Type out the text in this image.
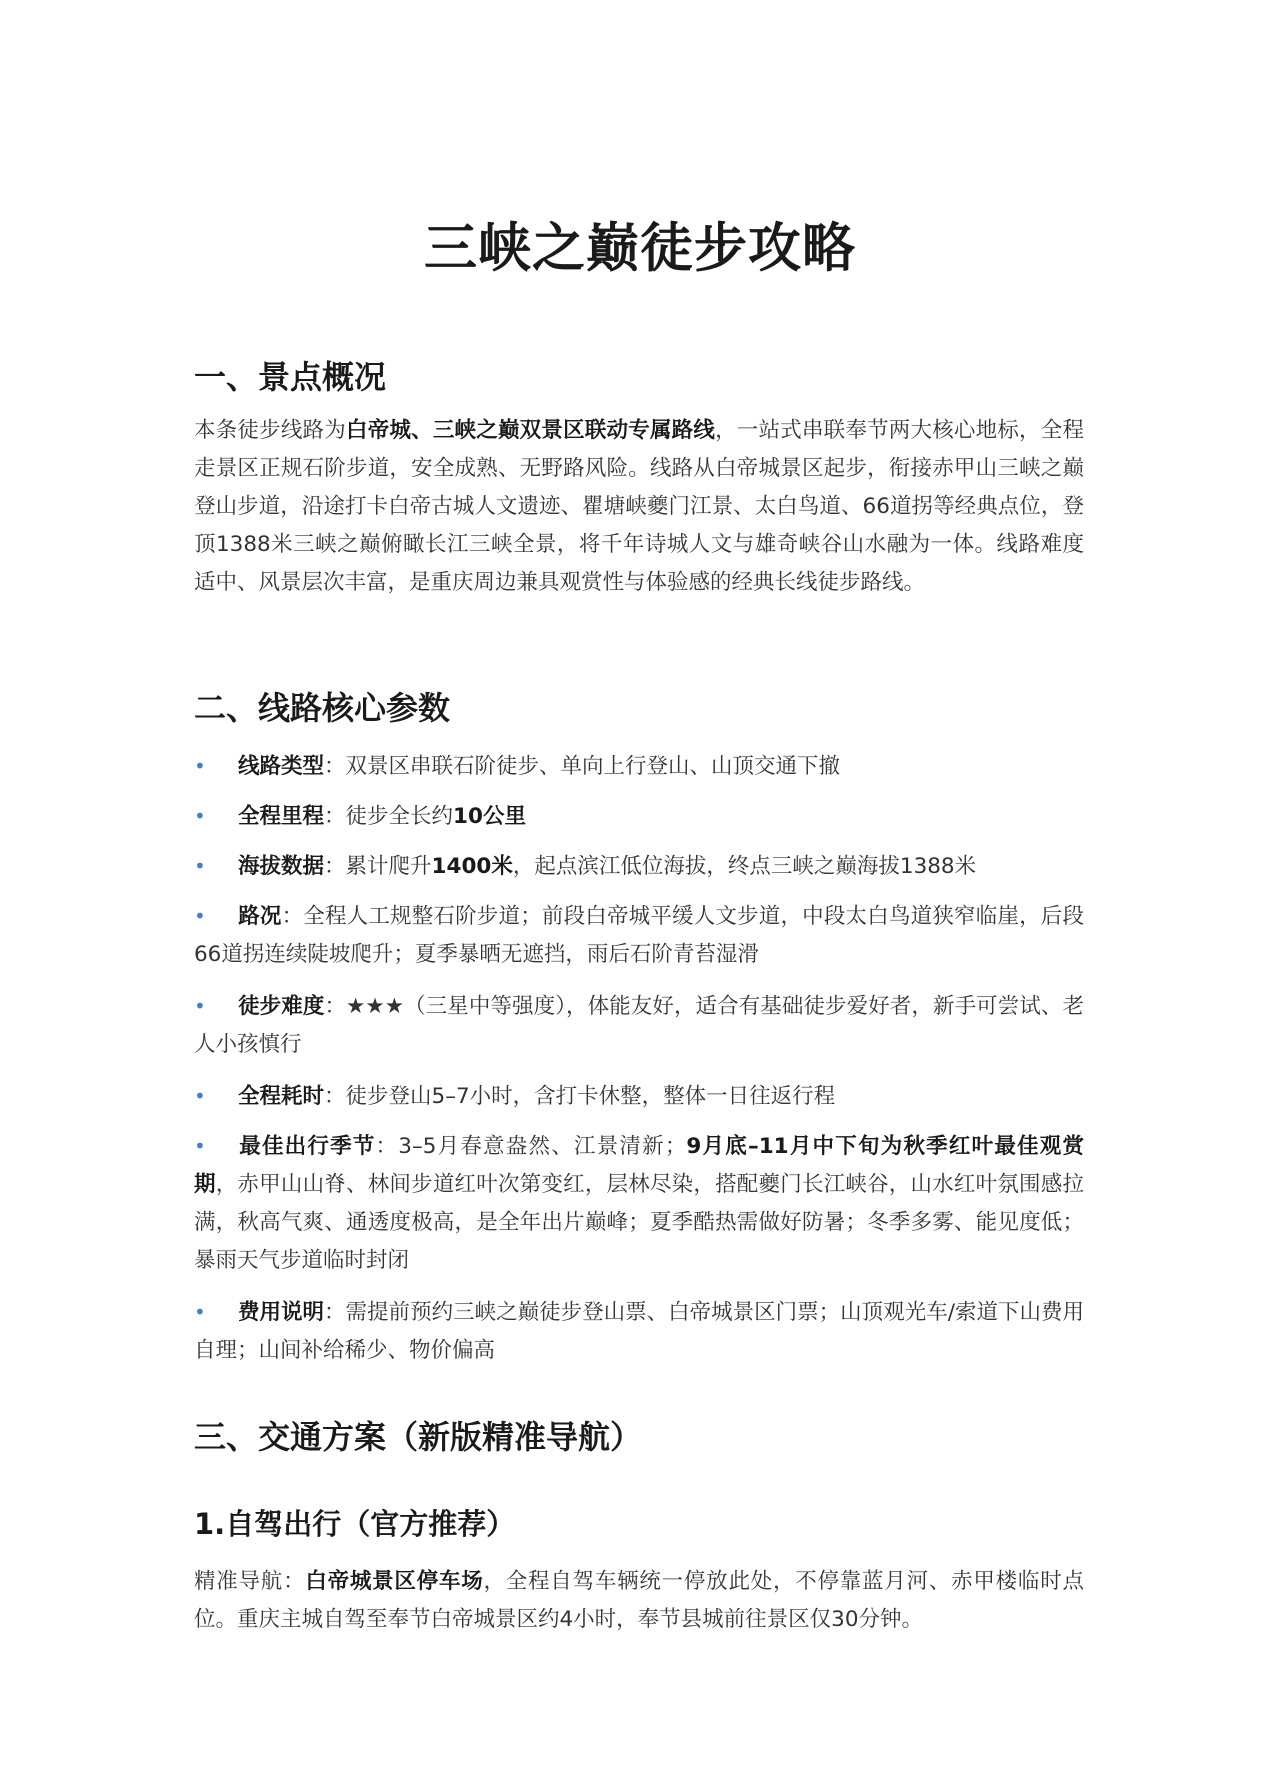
三峡之巅徒步攻略
一、景点概况

本条徒步线路为白帝城、三峡之巅双景区联动专属路线，一站式串联奉节两大核心地标，全程走景区正规石阶步道，安全成熟、无野路风险。线路从白帝城景区起步，衔接赤甲山三峡之巅登山步道，沿途打卡白帝古城人文遗迹、瞿塘峡夔门江景、太白鸟道、66道拐等经典点位，登顶1388米三峡之巅俯瞰长江三峡全景，将千年诗城人文与雄奇峡谷山水融为一体。线路难度适中、风景层次丰富，是重庆周边兼具观赏性与体验感的经典长线徒步路线。

二、线路核心参数

• 线路类型：双景区串联石阶徒步、单向上行登山、山顶交通下撤

• 全程里程：徒步全长约10公里

• 海拔数据：累计爬升1400米，起点滨江低位海拔，终点三峡之巅海拔1388米

• 路况：全程人工规整石阶步道；前段白帝城平缓人文步道，中段太白鸟道狭窄临崖，后段66道拐连续陡坡爬升；夏季暴晒无遮挡，雨后石阶青苔湿滑

• 徒步难度：★★★（三星中等强度），体能友好，适合有基础徒步爱好者，新手可尝试、老人小孩慎行

• 全程耗时：徒步登山5–7小时，含打卡休整，整体一日往返行程

• 最佳出行季节：3–5月春意盎然、江景清新；9月底–11月中下旬为秋季红叶最佳观赏期，赤甲山山脊、林间步道红叶次第变红，层林尽染，搭配夔门长江峡谷，山水红叶氛围感拉满，秋高气爽、通透度极高，是全年出片巅峰；夏季酷热需做好防暑；冬季多雾、能见度低；暴雨天气步道临时封闭

• 费用说明：需提前预约三峡之巅徒步登山票、白帝城景区门票；山顶观光车/索道下山费用自理；山间补给稀少、物价偏高

三、交通方案（新版精准导航）
1.自驾出行（官方推荐）

精准导航：白帝城景区停车场，全程自驾车辆统一停放此处，不停靠蓝月河、赤甲楼临时点位。重庆主城自驾至奉节白帝城景区约4小时，奉节县城前往景区仅30分钟。
